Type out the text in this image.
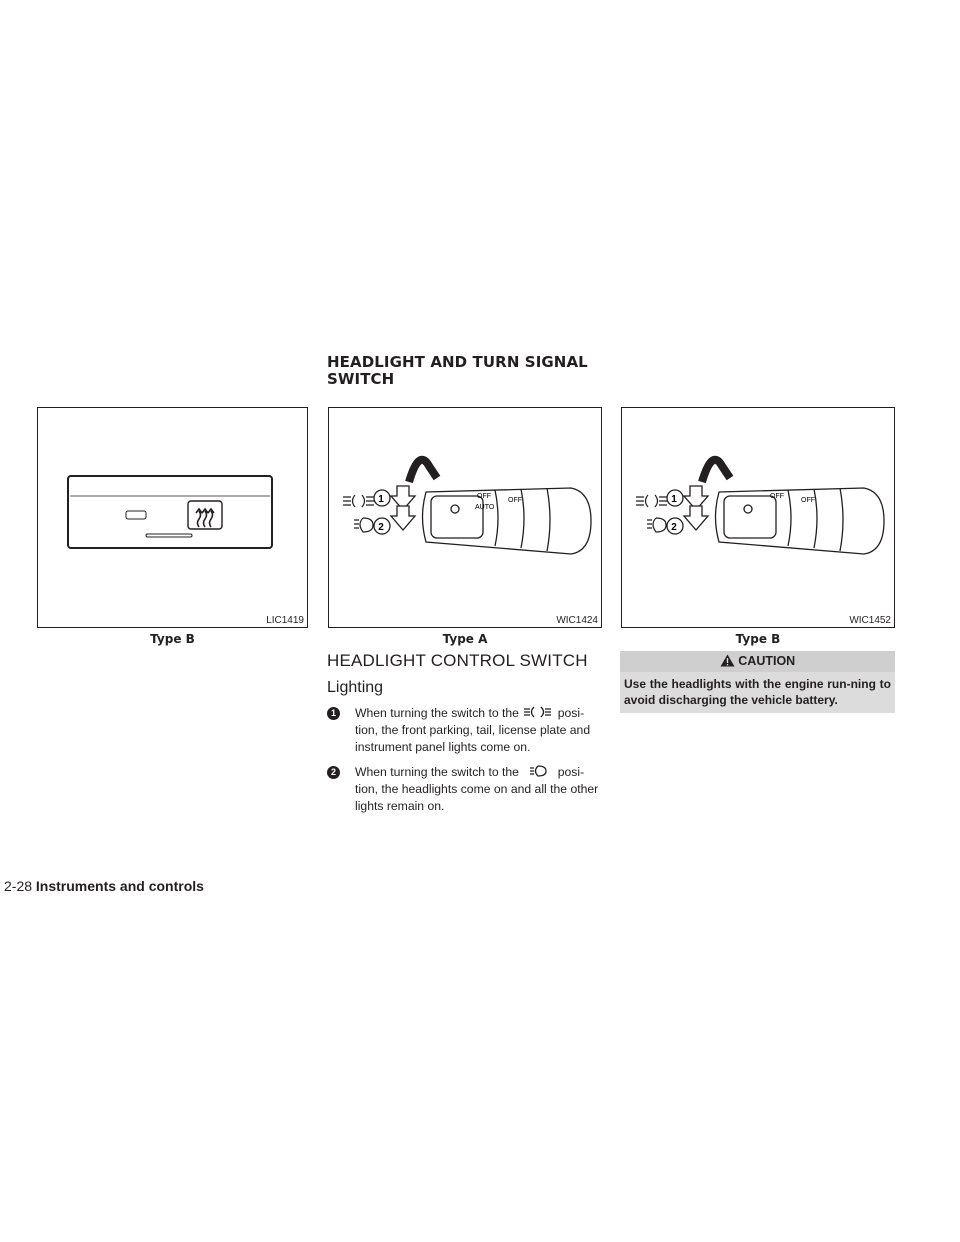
HEADLIGHT AND TURN SIGNAL SWITCH
LIC1419
Type B
1
2
OFF
AUTO
OFF
WIC1424
Type A
1
2
OFF
OFF
WIC1452
Type B
HEADLIGHT CONTROL SWITCH
Lighting
1	When turning the switch to the	posi-tion, the front parking, tail, license plate and instrument panel lights come on.
2	When turning the switch to the	posi-tion, the headlights come on and all the other lights remain on.
CAUTION
Use the headlights with the engine run-ning to avoid discharging the vehicle battery.
2-28 Instruments and controls
